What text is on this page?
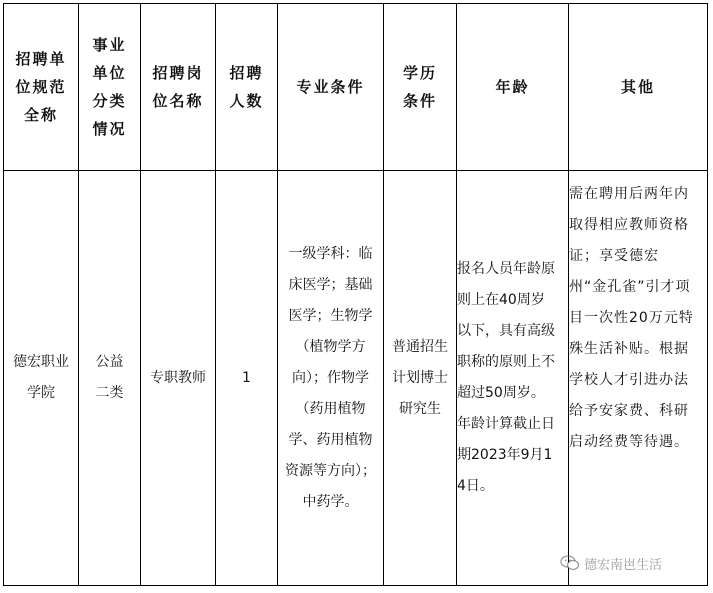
招聘单位规范全称	事业单位分类情况	招聘岗位名称	招聘人数	专业条件	学历条件	年龄	其他
德宏职业学院	公益二类	专职教师	1	一级学科：临床医学；基础医学；生物学（植物学方向）；作物学（药用植物学、药用植物资源等方向）；中药学。	普通招生计划博士研究生	报名人员年龄原则上在40周岁以下，具有高级职称的原则上不超过50周岁。年龄计算截止日期2023年9月14日。	需在聘用后两年内取得相应教师资格证；享受德宏州“金孔雀”引才项目一次性20万元特殊生活补贴。根据学校人才引进办法给予安家费、科研启动经费等待遇。
德宏南岜生活
